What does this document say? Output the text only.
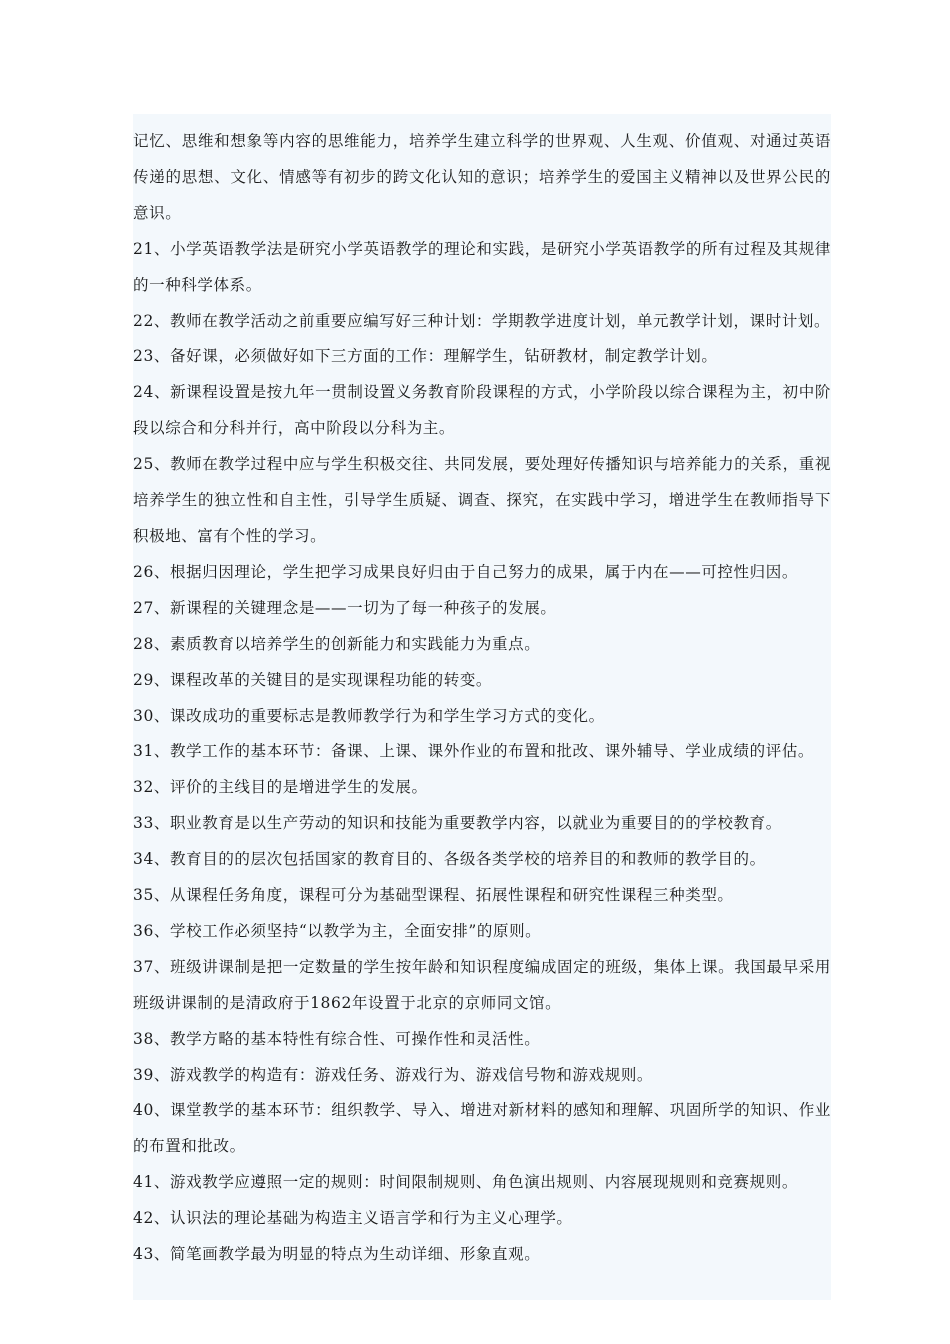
记忆、思维和想象等内容的思维能力，培养学生建立科学的世界观、人生观、价值观、对通过英语传递的思想、文化、情感等有初步的跨文化认知的意识；培养学生的爱国主义精神以及世界公民的意识。

21、小学英语教学法是研究小学英语教学的理论和实践，是研究小学英语教学的所有过程及其规律的一种科学体系。

22、教师在教学活动之前重要应编写好三种计划：学期教学进度计划，单元教学计划，课时计划。

23、备好课，必须做好如下三方面的工作：理解学生，钻研教材，制定教学计划。

24、新课程设置是按九年一贯制设置义务教育阶段课程的方式，小学阶段以综合课程为主，初中阶段以综合和分科并行，高中阶段以分科为主。

25、教师在教学过程中应与学生积极交往、共同发展，要处理好传播知识与培养能力的关系，重视培养学生的独立性和自主性，引导学生质疑、调查、探究，在实践中学习，增进学生在教师指导下积极地、富有个性的学习。

26、根据归因理论，学生把学习成果良好归由于自己努力的成果，属于内在——可控性归因。

27、新课程的关键理念是——一切为了每一种孩子的发展。

28、素质教育以培养学生的创新能力和实践能力为重点。

29、课程改革的关键目的是实现课程功能的转变。

30、课改成功的重要标志是教师教学行为和学生学习方式的变化。

31、教学工作的基本环节：备课、上课、课外作业的布置和批改、课外辅导、学业成绩的评估。

32、评价的主线目的是增进学生的发展。

33、职业教育是以生产劳动的知识和技能为重要教学内容，以就业为重要目的的学校教育。

34、教育目的的层次包括国家的教育目的、各级各类学校的培养目的和教师的教学目的。

35、从课程任务角度，课程可分为基础型课程、拓展性课程和研究性课程三种类型。

36、学校工作必须坚持“以教学为主，全面安排”的原则。

37、班级讲课制是把一定数量的学生按年龄和知识程度编成固定的班级，集体上课。我国最早采用班级讲课制的是清政府于1862年设置于北京的京师同文馆。

38、教学方略的基本特性有综合性、可操作性和灵活性。

39、游戏教学的构造有：游戏任务、游戏行为、游戏信号物和游戏规则。

40、课堂教学的基本环节：组织教学、导入、增进对新材料的感知和理解、巩固所学的知识、作业的布置和批改。

41、游戏教学应遵照一定的规则：时间限制规则、角色演出规则、内容展现规则和竞赛规则。

42、认识法的理论基础为构造主义语言学和行为主义心理学。

43、简笔画教学最为明显的特点为生动详细、形象直观。
